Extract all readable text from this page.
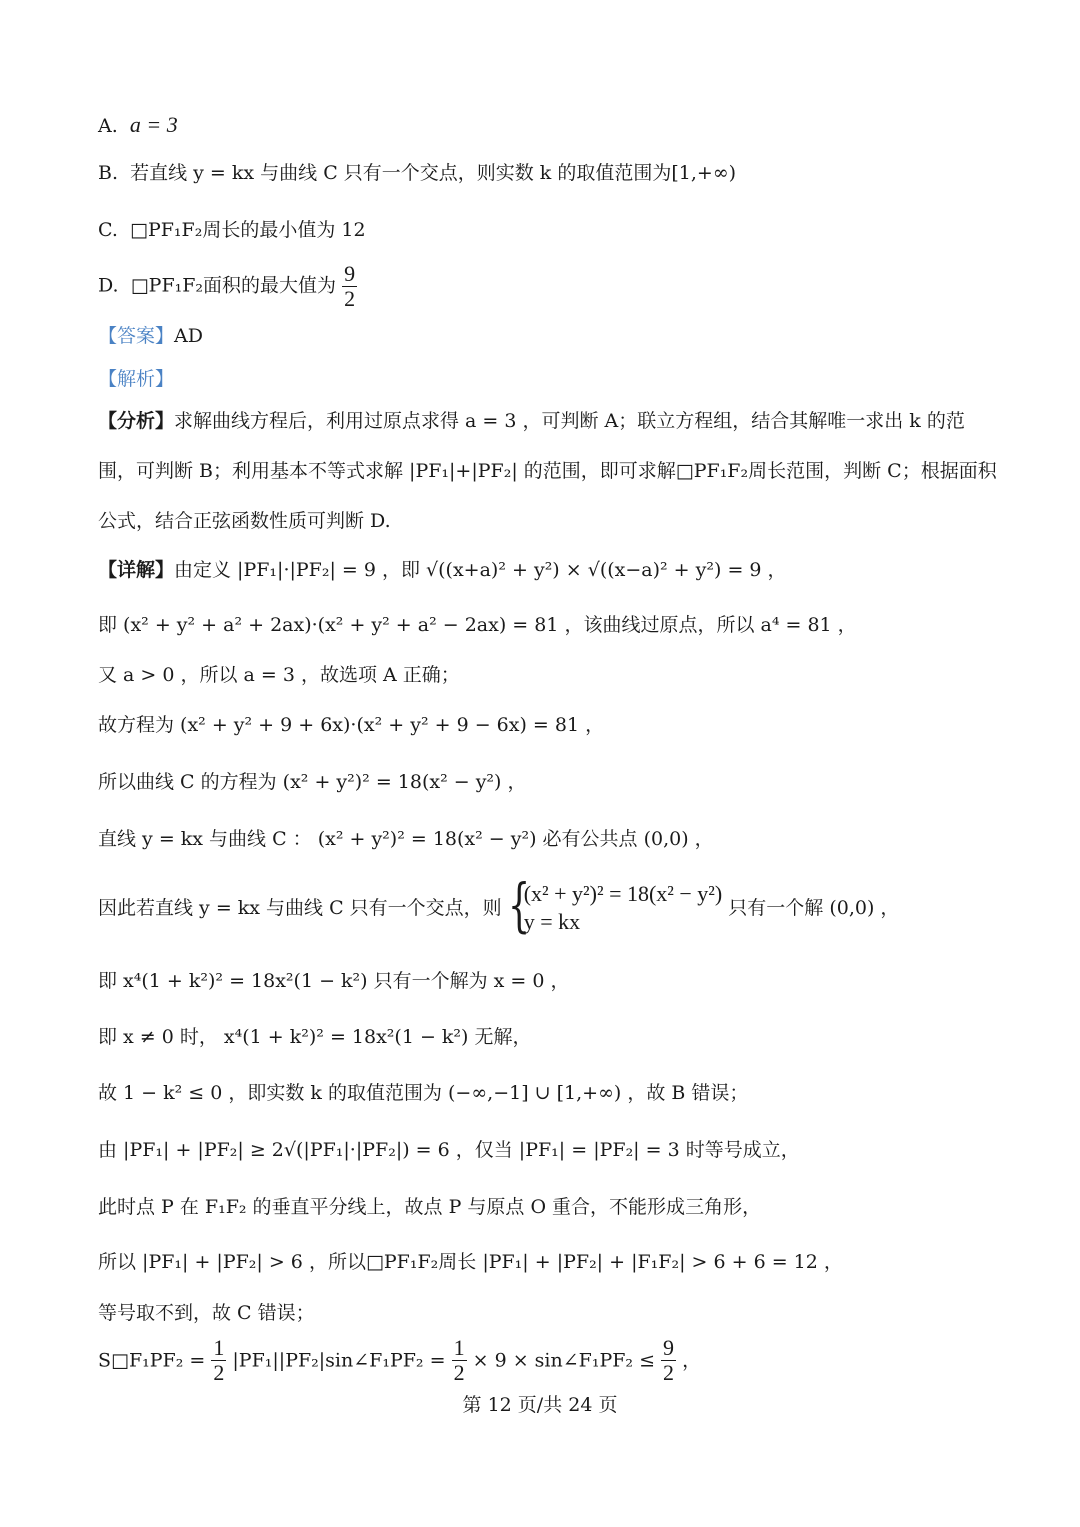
A. a = 3
B. 若直线 y = kx 与曲线 C 只有一个交点，则实数 k 的取值范围为[1,+∞)
C. □PF₁F₂周长的最小值为 12
D. □PF₁F₂面积的最大值为 $\frac{9}{2}$
【答案】AD
【解析】
【分析】求解曲线方程后，利用过原点求得 a = 3 ，可判断 A；联立方程组，结合其解唯一求出 k 的范
围，可判断 B；利用基本不等式求解 |PF₁|+|PF₂| 的范围，即可求解□PF₁F₂周长范围，判断 C；根据面积
公式，结合正弦函数性质可判断 D.
【详解】由定义 |PF₁|·|PF₂| = 9 ，即 √((x+a)² + y²) × √((x−a)² + y²) = 9 ，
即 (x² + y² + a² + 2ax)·(x² + y² + a² − 2ax) = 81 ，该曲线过原点，所以 a⁴ = 81 ，
又 a > 0 ，所以 a = 3 ，故选项 A 正确；
故方程为 (x² + y² + 9 + 6x)·(x² + y² + 9 − 6x) = 81 ，
所以曲线 C 的方程为 (x² + y²)² = 18(x² − y²) ，
直线 y = kx 与曲线 C ： (x² + y²)² = 18(x² − y²) 必有公共点 (0,0) ，
因此若直线 y = kx 与曲线 C 只有一个交点，则 {
(x² + y²)² = 18(x² − y²)
y = kx
只有一个解 (0,0) ，
即 x⁴(1 + k²)² = 18x²(1 − k²) 只有一个解为 x = 0 ，
即 x ≠ 0 时， x⁴(1 + k²)² = 18x²(1 − k²) 无解，
故 1 − k² ≤ 0 ，即实数 k 的取值范围为 (−∞,−1] ∪ [1,+∞) ，故 B 错误；
由 |PF₁| + |PF₂| ≥ 2√(|PF₁|·|PF₂|) = 6 ，仅当 |PF₁| = |PF₂| = 3 时等号成立，
此时点 P 在 F₁F₂ 的垂直平分线上，故点 P 与原点 O 重合，不能形成三角形，
所以 |PF₁| + |PF₂| > 6 ，所以□PF₁F₂周长 |PF₁| + |PF₂| + |F₁F₂| > 6 + 6 = 12 ，
等号取不到，故 C 错误；
S□F₁PF₂ = $\frac{1}{2}$ |PF₁||PF₂|sin∠F₁PF₂ = $\frac{1}{2} \times 9$ × sin∠F₁PF₂ ≤ $\frac{9}{2}$ ，
第 12 页/共 24 页
